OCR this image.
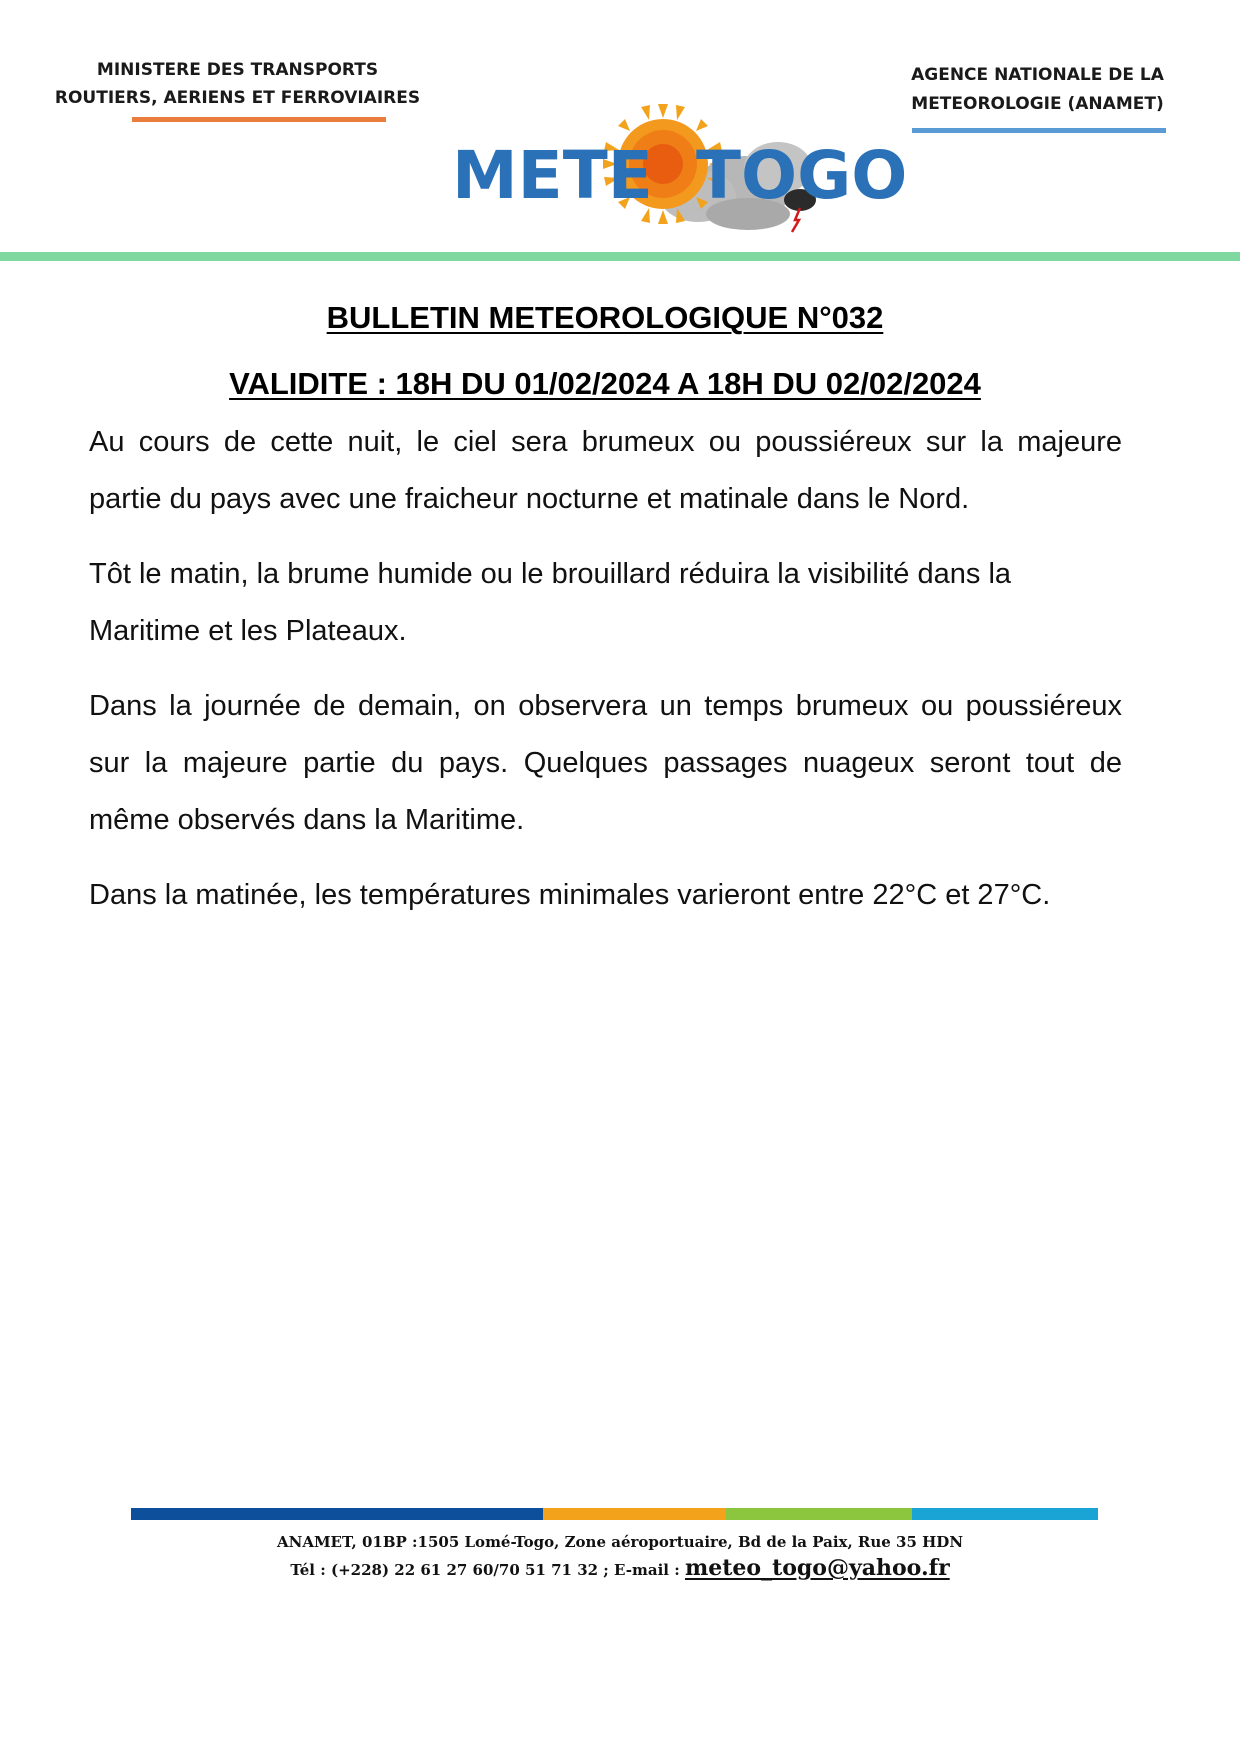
MINISTERE DES TRANSPORTS
ROUTIERS, AERIENS ET FERROVIAIRES
AGENCE NATIONALE DE LA
METEOROLOGIE (ANAMET)
METE TOGO
BULLETIN METEOROLOGIQUE N°032
VALIDITE : 18H DU 01/02/2024 A 18H DU 02/02/2024

Au cours de cette nuit, le ciel sera brumeux ou poussiéreux sur la majeure partie du pays avec une fraicheur nocturne et matinale dans le Nord.

Tôt le matin, la brume humide ou le brouillard réduira la visibilité dans la Maritime et les Plateaux.

Dans la journée de demain, on observera un temps brumeux ou poussiéreux sur la majeure partie du pays. Quelques passages nuageux seront tout de même observés dans la Maritime.

Dans la matinée, les températures minimales varieront entre 22°C et 27°C.

ANAMET, 01BP :1505 Lomé-Togo, Zone aéroportuaire, Bd de la Paix, Rue 35 HDN
Tél : (+228) 22 61 27 60/70 51 71 32 ; E-mail : meteo_togo@yahoo.fr
